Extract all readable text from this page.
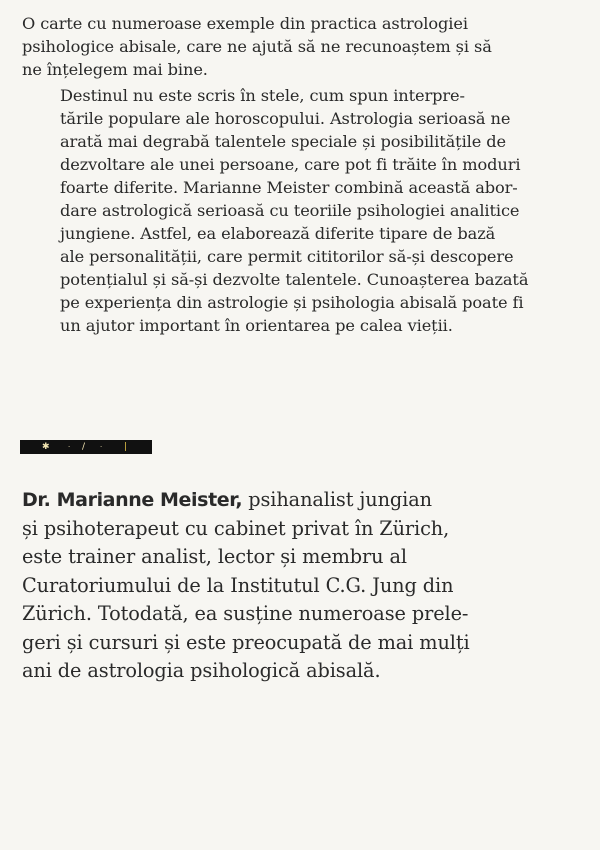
O carte cu numeroase exemple din practica astrologiei
psihologice abisale, care ne ajută să ne recunoaștem și să
ne înțelegem mai bine.

Destinul nu este scris în stele, cum spun interpre-
tările populare ale horoscopului. Astrologia serioasă ne
arată mai degrabă talentele speciale și posibilitățile de
dezvoltare ale unei persoane, care pot fi trăite în moduri
foarte diferite. Marianne Meister combină această abor-
dare astrologică serioasă cu teoriile psihologiei analitice
jungiene. Astfel, ea elaborează diferite tipare de bază
ale personalității, care permit cititorilor să-și descopere
potențialul și să-și dezvolte talentele. Cunoașterea bazată
pe experiența din astrologie și psihologia abisală poate fi
un ajutor important în orientarea pe calea vieții.

✱	· / · |

Dr. Marianne Meister, psihanalist jungian
și psihoterapeut cu cabinet privat în Zürich,
este trainer analist, lector și membru al
Curatoriumului de la Institutul C.G. Jung din
Zürich. Totodată, ea susține numeroase prele-
geri și cursuri și este preocupată de mai mulți
ani de astrologia psihologică abisală.
